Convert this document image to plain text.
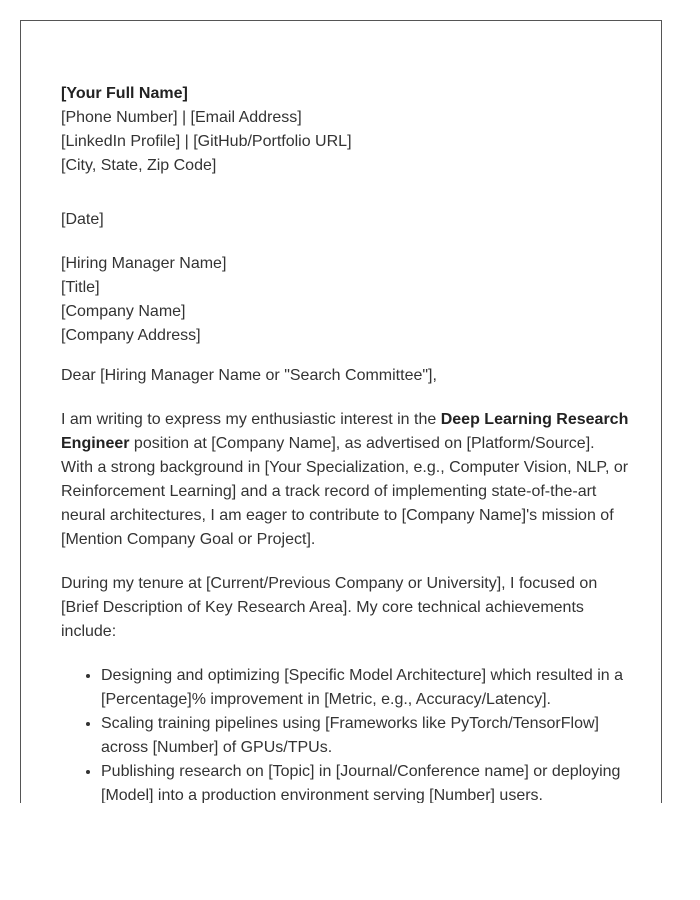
[Your Full Name]
[Phone Number] | [Email Address]
[LinkedIn Profile] | [GitHub/Portfolio URL]
[City, State, Zip Code]
[Date]
[Hiring Manager Name]
[Title]
[Company Name]
[Company Address]

Dear [Hiring Manager Name or "Search Committee"],

I am writing to express my enthusiastic interest in the Deep Learning Research Engineer position at [Company Name], as advertised on [Platform/Source]. With a strong background in [Your Specialization, e.g., Computer Vision, NLP, or Reinforcement Learning] and a track record of implementing state-of-the-art neural architectures, I am eager to contribute to [Company Name]'s mission of [Mention Company Goal or Project].

During my tenure at [Current/Previous Company or University], I focused on [Brief Description of Key Research Area]. My core technical achievements include:

• Designing and optimizing [Specific Model Architecture] which resulted in a [Percentage]% improvement in [Metric, e.g., Accuracy/Latency].
• Scaling training pipelines using [Frameworks like PyTorch/TensorFlow] across [Number] of GPUs/TPUs.
• Publishing research on [Topic] in [Journal/Conference name] or deploying [Model] into a production environment serving [Number] users.
